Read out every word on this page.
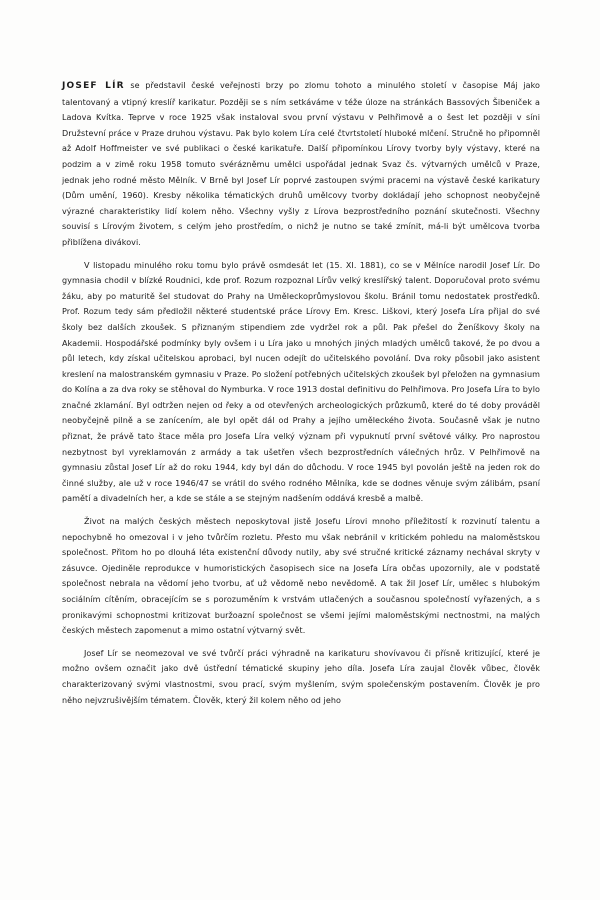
JOSEF LÍR se představil české veřejnosti brzy po zlomu tohoto a minulého století v časopise Máj jako talentovaný a vtipný kreslíř karikatur. Později se s ním setkáváme v téže úloze na stránkách Bassových Šibeniček a Ladova Kvítka. Teprve v roce 1925 však instaloval svou první výstavu v Pelhřimově a o šest let později v síni Družstevní práce v Praze druhou výstavu. Pak bylo kolem Líra celé čtvrtstoletí hluboké mlčení. Stručně ho připomněl až Adolf Hoffmeister ve své publikaci o české karikatuře. Další připomínkou Lírovy tvorby byly výstavy, které na podzim a v zimě roku 1958 tomuto svérázněmu umělci uspořádal jednak Svaz čs. výtvarných umělců v Praze, jednak jeho rodné město Mělník. V Brně byl Josef Lír poprvé zastoupen svými pracemi na výstavě české karikatury (Dům umění, 1960). Kresby několika tématických druhů umělcovy tvorby dokládají jeho schopnost neobyčejně výrazné charakteristiky lidí kolem něho. Všechny vyšly z Lírova bezprostředního poznání skutečnosti. Všechny souvisí s Lírovým životem, s celým jeho prostředím, o nichž je nutno se také zmínit, má-li být umělcova tvorba přiblížena divákovi.

V listopadu minulého roku tomu bylo právě osmdesát let (15. XI. 1881), co se v Mělníce narodil Josef Lír. Do gymnasia chodil v blízké Roudnici, kde prof. Rozum rozpoznal Lírův velký kreslířský talent. Doporučoval proto svému žáku, aby po maturitě šel studovat do Prahy na Uměleckoprůmyslovou školu. Bránil tomu nedostatek prostředků. Prof. Rozum tedy sám předložil některé studentské práce Lírovy Em. Kresc. Liškovi, který Josefa Líra přijal do své školy bez dalších zkoušek. S přiznaným stipendiem zde vydržel rok a půl. Pak přešel do Ženíškovy školy na Akademii. Hospodářské podmínky byly ovšem i u Líra jako u mnohých jiných mladých umělců takové, že po dvou a půl letech, kdy získal učitelskou aprobaci, byl nucen odejít do učitelského povolání. Dva roky působil jako asistent kreslení na malostranském gymnasiu v Praze. Po složení potřebných učitelských zkoušek byl přeložen na gymnasium do Kolína a za dva roky se stěhoval do Nymburka. V roce 1913 dostal definitivu do Pelhřimova. Pro Josefa Líra to bylo značné zklamání. Byl odtržen nejen od řeky a od otevřených archeologických průzkumů, které do té doby prováděl neobyčejně pilně a se zanícením, ale byl opět dál od Prahy a jejího uměleckého života. Současně však je nutno přiznat, že právě tato štace měla pro Josefa Líra velký význam při vypuknutí první světové války. Pro naprostou nezbytnost byl vyreklamován z armády a tak ušetřen všech bezprostředních válečných hrůz. V Pelhřimově na gymnasiu zůstal Josef Lír až do roku 1944, kdy byl dán do důchodu. V roce 1945 byl povolán ještě na jeden rok do činné služby, ale už v roce 1946/47 se vrátil do svého rodného Mělníka, kde se dodnes věnuje svým zálibám, psaní pamětí a divadelních her, a kde se stále a se stejným nadšením oddává kresbě a malbě.

Život na malých českých městech neposkytoval jistě Josefu Lírovi mnoho příležitostí k rozvinutí talentu a nepochybně ho omezoval i v jeho tvůrčím rozletu. Přesto mu však nebránil v kritickém pohledu na maloměstskou společnost. Přitom ho po dlouhá léta existenční důvody nutily, aby své stručné kritické záznamy nechával skryty v zásuvce. Ojediněle reprodukce v humoristických časopisech sice na Josefa Líra občas upozornily, ale v podstatě společnost nebrala na vědomí jeho tvorbu, ať už vědomě nebo nevědomě. A tak žil Josef Lír, umělec s hlubokým sociálním cítěním, obracejícím se s porozuměním k vrstvám utlačených a současnou společností vyřazených, a s pronikavými schopnostmi kritizovat buržoazní společnost se všemi jejími maloměstskými nectnostmi, na malých českých městech zapomenut a mimo ostatní výtvarný svět.

Josef Lír se neomezoval ve své tvůrčí práci výhradně na karikaturu shovívavou či přísně kritizující, které je možno ovšem označit jako dvě ústřední tématické skupiny jeho díla. Josefa Líra zaujal člověk vůbec, člověk charakterizovaný svými vlastnostmi, svou prací, svým myšlením, svým společenským postavením. Člověk je pro něho nejvzrušivějším tématem. Člověk, který žil kolem něho od jeho
